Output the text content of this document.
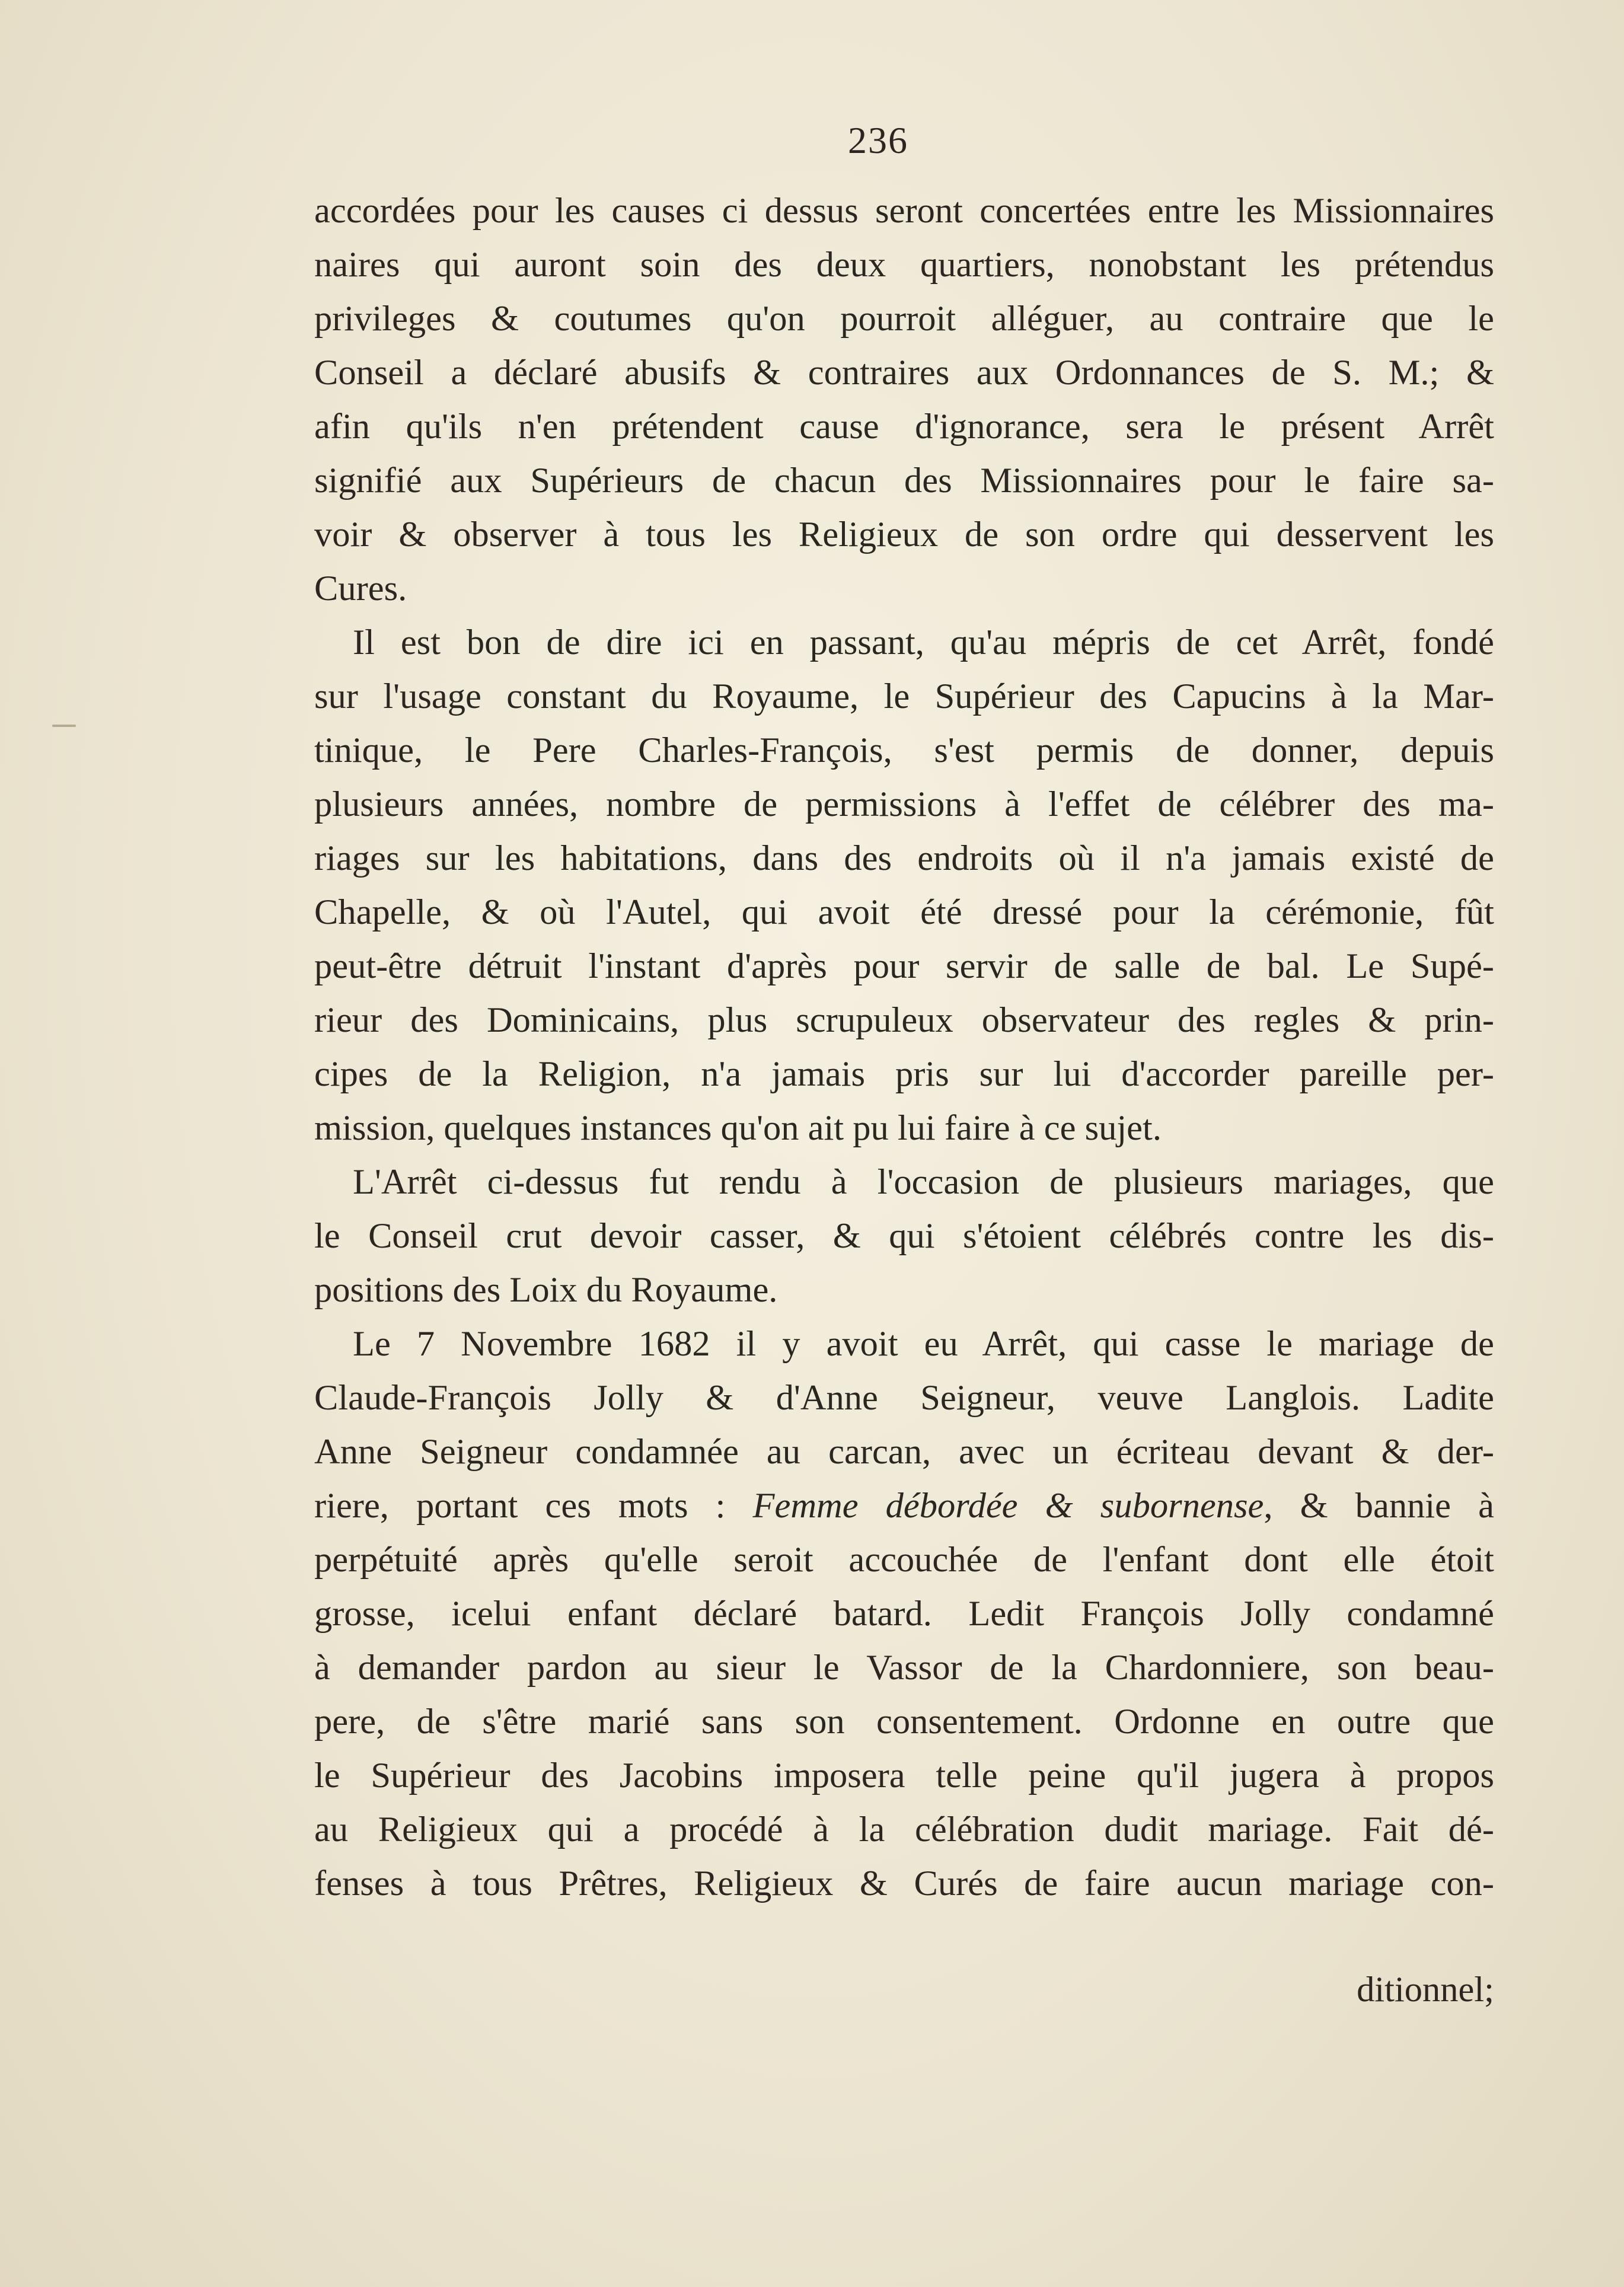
236
accordées pour les causes ci dessus seront concertées entre les Missionnaires
naires qui auront soin des deux quartiers, nonobstant les prétendus
privileges & coutumes qu'on pourroit alléguer, au contraire que le
Conseil a déclaré abusifs & contraires aux Ordonnances de S. M.; &
afin qu'ils n'en prétendent cause d'ignorance, sera le présent Arrêt
signifié aux Supérieurs de chacun des Missionnaires pour le faire sa-
voir & observer à tous les Religieux de son ordre qui desservent les
Cures.
Il est bon de dire ici en passant, qu'au mépris de cet Arrêt, fondé
sur l'usage constant du Royaume, le Supérieur des Capucins à la Mar-
tinique, le Pere Charles-François, s'est permis de donner, depuis
plusieurs années, nombre de permissions à l'effet de célébrer des ma-
riages sur les habitations, dans des endroits où il n'a jamais existé de
Chapelle, & où l'Autel, qui avoit été dressé pour la cérémonie, fût
peut-être détruit l'instant d'après pour servir de salle de bal. Le Supé-
rieur des Dominicains, plus scrupuleux observateur des regles & prin-
cipes de la Religion, n'a jamais pris sur lui d'accorder pareille per-
mission, quelques instances qu'on ait pu lui faire à ce sujet.
L'Arrêt ci-dessus fut rendu à l'occasion de plusieurs mariages, que
le Conseil crut devoir casser, & qui s'étoient célébrés contre les dis-
positions des Loix du Royaume.
Le 7 Novembre 1682 il y avoit eu Arrêt, qui casse le mariage de
Claude-François Jolly & d'Anne Seigneur, veuve Langlois. Ladite
Anne Seigneur condamnée au carcan, avec un écriteau devant & der-
riere, portant ces mots : Femme débordée & subornense, & bannie à
perpétuité après qu'elle seroit accouchée de l'enfant dont elle étoit
grosse, icelui enfant déclaré batard. Ledit François Jolly condamné
à demander pardon au sieur le Vassor de la Chardonniere, son beau-
pere, de s'être marié sans son consentement. Ordonne en outre que
le Supérieur des Jacobins imposera telle peine qu'il jugera à propos
au Religieux qui a procédé à la célébration dudit mariage. Fait dé-
fenses à tous Prêtres, Religieux & Curés de faire aucun mariage con-
ditionnel;
